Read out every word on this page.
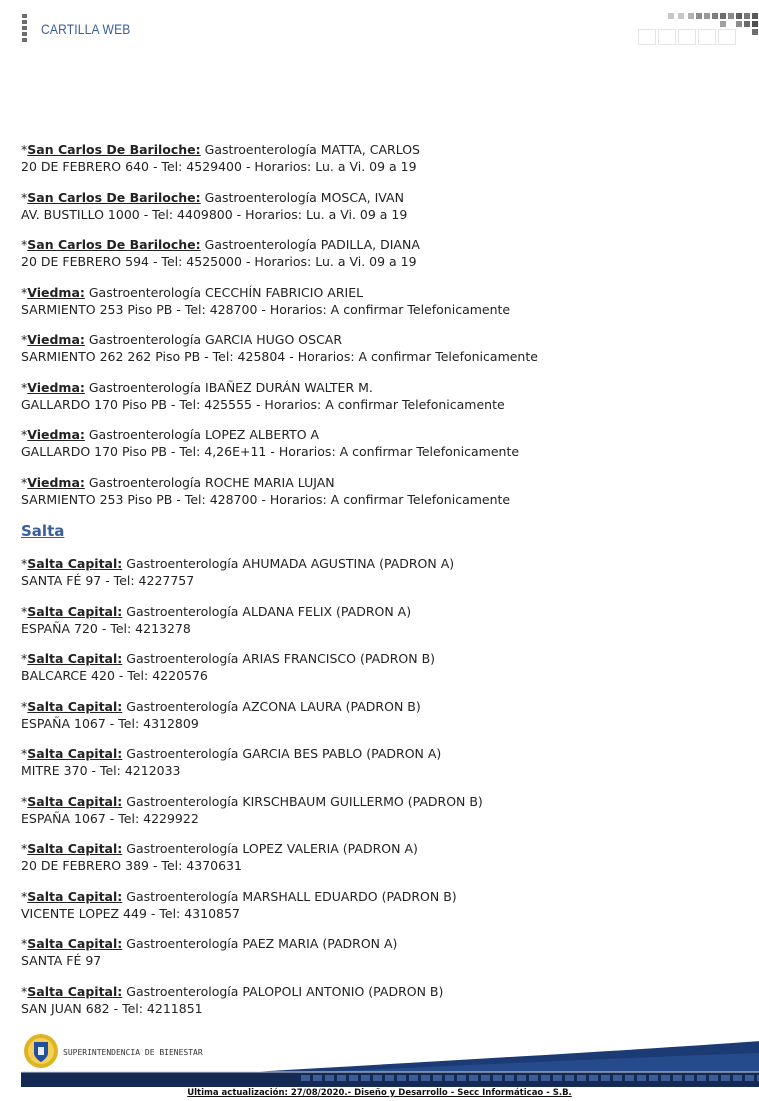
CARTILLA WEB
*San Carlos De Bariloche: Gastroenterología MATTA, CARLOS
20 DE FEBRERO 640 - Tel: 4529400 - Horarios: Lu. a Vi. 09 a 19
*San Carlos De Bariloche: Gastroenterología MOSCA, IVAN
AV. BUSTILLO 1000 - Tel: 4409800 - Horarios: Lu. a Vi. 09 a 19
*San Carlos De Bariloche: Gastroenterología PADILLA, DIANA
20 DE FEBRERO 594 - Tel: 4525000 - Horarios: Lu. a Vi. 09 a 19
*Viedma: Gastroenterología CECCHÍN FABRICIO ARIEL
SARMIENTO 253 Piso PB - Tel: 428700 - Horarios: A confirmar Telefonicamente
*Viedma: Gastroenterología GARCIA HUGO OSCAR
SARMIENTO 262 262 Piso PB - Tel: 425804 - Horarios: A confirmar Telefonicamente
*Viedma: Gastroenterología IBAÑEZ DURÁN WALTER M.
GALLARDO 170 Piso PB - Tel: 425555 - Horarios: A confirmar Telefonicamente
*Viedma: Gastroenterología LOPEZ ALBERTO A
GALLARDO 170 Piso PB - Tel: 4,26E+11 - Horarios: A confirmar Telefonicamente
*Viedma: Gastroenterología ROCHE MARIA LUJAN
SARMIENTO 253 Piso PB - Tel: 428700 - Horarios: A confirmar Telefonicamente
Salta
*Salta Capital: Gastroenterología AHUMADA AGUSTINA (PADRON A)
SANTA FÉ 97 - Tel: 4227757
*Salta Capital: Gastroenterología ALDANA FELIX (PADRON A)
ESPAÑA 720 - Tel: 4213278
*Salta Capital: Gastroenterología ARIAS FRANCISCO (PADRON B)
BALCARCE 420 - Tel: 4220576
*Salta Capital: Gastroenterología AZCONA LAURA (PADRON B)
ESPAÑA 1067 - Tel: 4312809
*Salta Capital: Gastroenterología GARCIA BES PABLO (PADRON A)
MITRE 370 - Tel: 4212033
*Salta Capital: Gastroenterología KIRSCHBAUM GUILLERMO (PADRON B)
ESPAÑA 1067 - Tel: 4229922
*Salta Capital: Gastroenterología LOPEZ VALERIA (PADRON A)
20 DE FEBRERO 389 - Tel: 4370631
*Salta Capital: Gastroenterología MARSHALL EDUARDO (PADRON B)
VICENTE LOPEZ 449 - Tel: 4310857
*Salta Capital: Gastroenterología PAEZ MARIA (PADRON A)
SANTA FÉ 97
*Salta Capital: Gastroenterología PALOPOLI ANTONIO (PADRON B)
SAN JUAN 682 - Tel: 4211851
SUPERINTENDENCIA DE BIENESTAR
Ultima actualización: 27/08/2020.- Diseño y Desarrollo - Secc Informáticao - S.B.
